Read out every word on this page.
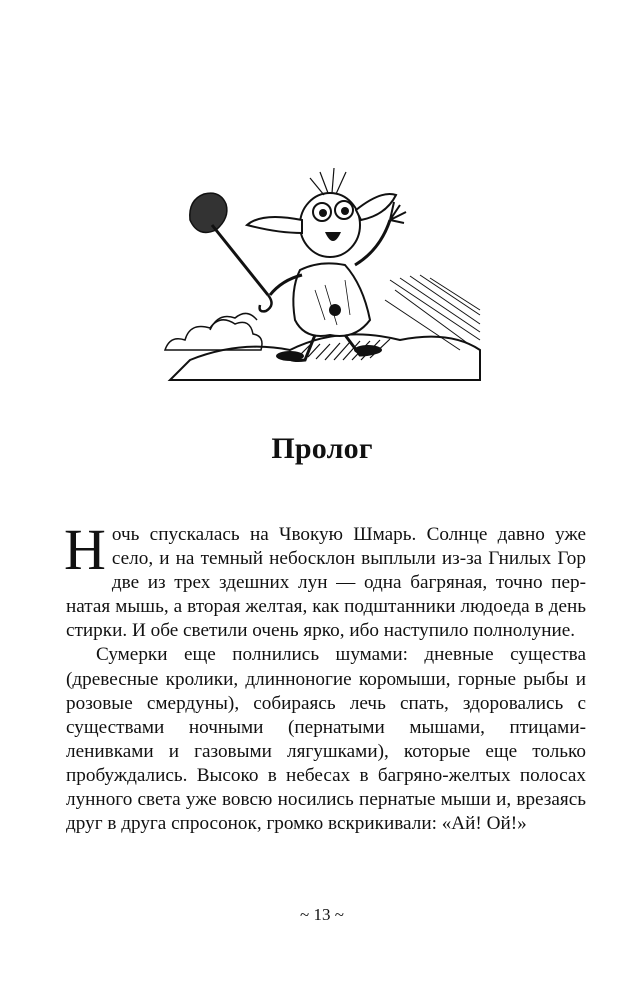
Пролог

Ночь спускалась на Чвокую Шмарь. Солнце давно уже село, и на темный небосклон выплыли из-за Гнилых Гор две из трех здешних лун — одна багряная, точно пернатая мышь, а вторая желтая, как подштанники людоеда в день стирки. И обе светили очень ярко, ибо наступило полнолуние.

Сумерки еще полнились шумами: дневные существа (древесные кролики, длинноногие коромыши, горные рыбы и розовые смердуны), собираясь лечь спать, здоровались с существами ночными (пернатыми мышами, птицами-ленивками и газовыми лягушками), которые еще только пробуждались. Высоко в небесах в багряно-желтых полосах лунного света уже вовсю носились пернатые мыши и, врезаясь друг в друга спросонок, громко вскрикивали: «Ай! Ой!»

~ 13 ~
